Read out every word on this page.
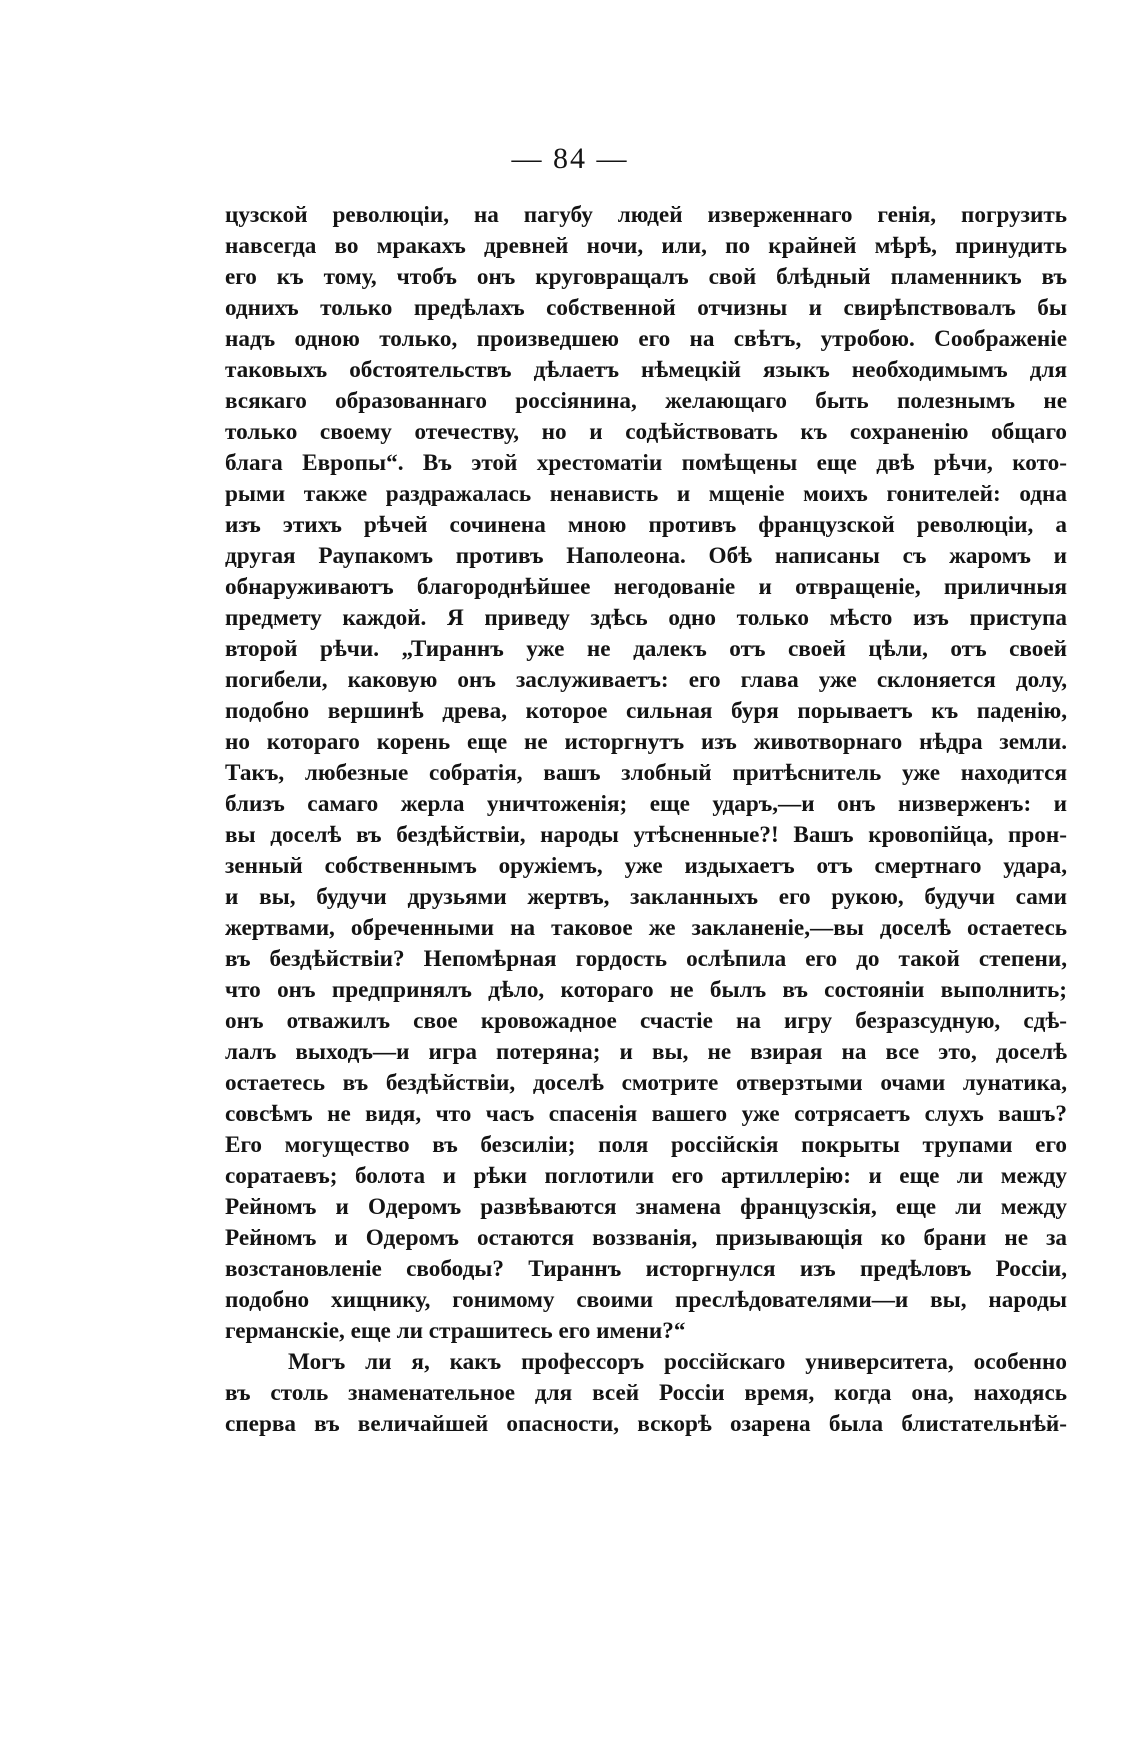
— 84 —
цузской революціи, на пагубу людей изверженнаго генія, погрузить
навсегда во мракахъ древней ночи, или, по крайней мѣрѣ, принудить
его къ тому, чтобъ онъ круговращалъ свой блѣдный пламенникъ въ
однихъ только предѣлахъ собственной отчизны и свирѣпствовалъ бы
надъ одною только, произведшею его на свѣтъ, утробою. Соображеніе
таковыхъ обстоятельствъ дѣлаетъ нѣмецкій языкъ необходимымъ для
всякаго образованнаго россіянина, желающаго быть полезнымъ не
только своему отечеству, но и содѣйствовать къ сохраненію общаго
блага Европы“. Въ этой хрестоматіи помѣщены еще двѣ рѣчи, кото-
рыми также раздражалась ненависть и мщеніе моихъ гонителей: одна
изъ этихъ рѣчей сочинена мною противъ французской революціи, а
другая Раупакомъ противъ Наполеона. Обѣ написаны съ жаромъ и
обнаруживаютъ благороднѣйшее негодованіе и отвращеніе, приличныя
предмету каждой. Я приведу здѣсь одно только мѣсто изъ приступа
второй рѣчи. „Тираннъ уже не далекъ отъ своей цѣли, отъ своей
погибели, каковую онъ заслуживаетъ: его глава уже склоняется долу,
подобно вершинѣ древа, которое сильная буря порываетъ къ паденію,
но котораго корень еще не исторгнутъ изъ животворнаго нѣдра земли.
Такъ, любезные собратія, вашъ злобный притѣснитель уже находится
близъ самаго жерла уничтоженія; еще ударъ,—и онъ низверженъ: и
вы доселѣ въ бездѣйствіи, народы утѣсненные?! Вашъ кровопійца, прон-
зенный собственнымъ оружіемъ, уже издыхаетъ отъ смертнаго удара,
и вы, будучи друзьями жертвъ, закланныхъ его рукою, будучи сами
жертвами, обреченными на таковое же закланеніе,—вы доселѣ остаетесь
въ бездѣйствіи? Непомѣрная гордость ослѣпила его до такой степени,
что онъ предпринялъ дѣло, котораго не былъ въ состояніи выполнить;
онъ отважилъ свое кровожадное счастіе на игру безразсудную, сдѣ-
лалъ выходъ—и игра потеряна; и вы, не взирая на все это, доселѣ
остаетесь въ бездѣйствіи, доселѣ смотрите отверзтыми очами лунатика,
совсѣмъ не видя, что часъ спасенія вашего уже сотрясаетъ слухъ вашъ?
Его могущество въ безсиліи; поля россійскія покрыты трупами его
соратаевъ; болота и рѣки поглотили его артиллерію: и еще ли между
Рейномъ и Одеромъ развѣваются знамена французскія, еще ли между
Рейномъ и Одеромъ остаются воззванія, призывающія ко брани не за
возстановленіе свободы? Тираннъ исторгнулся изъ предѣловъ Россіи,
подобно хищнику, гонимому своими преслѣдователями—и вы, народы
германскіе, еще ли страшитесь его имени?“
Могъ ли я, какъ профессоръ россійскаго университета, особенно
въ столь знаменательное для всей Россіи время, когда она, находясь
сперва въ величайшей опасности, вскорѣ озарена была блистательнѣй-
